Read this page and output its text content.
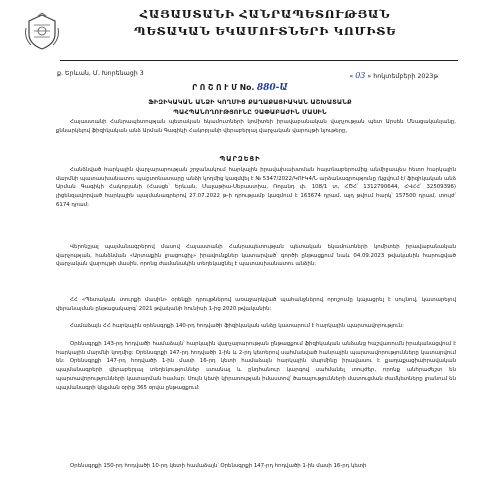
ՀԱՅԱՍՏԱՆԻ ՀԱՆՐԱՊԵՏՈՒԹՅԱՆ
ՊԵՏԱԿԱՆ ԵԿԱՄՈՒՏՆԵՐԻ ԿՈՄԻՏԵ
ք. Երևան, Մ. Խորենացի 3	« 03 » հոկտեմբերի 2023թ
Ր Ո Շ Ո Ւ Մ No. 880-Ա
ՖԻԶԻԿԱԿԱՆ ԱՆՁԻ ԿՈՂՄԻՑ ՔԱՂԱՔԱՑԻԱԿԱՆ ԱՇԽԱՏԱՆՔ
ՊԱՀՊԱՆՈՂՈՒԹՅՈՒՆԸ ՉԱՓԱԲԱԺԻՆ ՄԱՍԻՆ
Հայաստանի Հանրապետության պետական եկամուտների կոմիտեի իրավաբանական վարչության պետ Արսեն Մնացականյանը, քննարկելով ֆիզիկական անձ Արման Գագիկի Հակոբյանի վերաբերյալ վարչական վարույթի նյութերը,
ՊԱՐԶԵՑԻ
Հանձնված հարկային վարչարարության շրջանակում հարկային իրավախախտման հայտնաբերումից անմիջապես հետո հարկային մարմնի պատասխանատու պաշտոնատարը անձի կողմից կազմվել է № 5347/2022/ԿՈՒԿ4/Ն արձանագրությունը /կցվում է/ ֆիզիկական անձ Արման Գագիկի Հակոբյանի (Հասցե՝ Երևան, Մալաթիա-Սեբաստիա, Ռոլանդ փ. 108/1 տ, ՀԾՀ՝ 1312790644, ՀՎՀՀ՝ 32509396) լիցենզավորված հարկային պայմանագրերով 27.07.2022 թ-ի դրությամբ կազմում է 163674 դրամ, այդ թվում հարկ՝ 157500 դրամ, տույժ՝ 6174 դրամ:
Վերոնշյալ պայմանագրերով մասով Հայաստանի Հանրապետության պետական եկամուտների կոմիտեի իրավաբանական վարչության, հանձնման «Արտաքին լրացուցիչ» իրավունքներ կատարված՝ գործի ընթացքում նաև 04.09.2023 թվականին հարուցված վարչական վարույթի մասին, որոնց ժամանակին տեղեկացնել է պատասխանատու անձին:
ՀՀ «Պետական տուրքի մասին» օրենքի դրույթներով առաջարկված պահանջներով որոշումը կայացրել է սույնով, կատարելով վերանայման ընթացակարգ՝ 2021 թվականի հունիսի 1-ից 2020 թվականին:
Համաձայն ՀՀ հարկային օրենսգրքի 140-րդ հոդվածի ֆիզիկական անձը կատարում է հարկային պարտավորություն:
Օրենսգրքի 143-րդ հոդվածի համաձայն՝ հարկային վարչարարության ընթացքում ֆիզիկական անձանց հաշվառումն իրականացվում է հարկային մարմնի կողմից: Օրենսգրքի 147-րդ հոդվածի 1-ին և 2-րդ կետերով սահմանված հանրային պարտավորությունները կատարվում են: Օրենսգրքի 147-րդ հոդվածի 1-ին մասի 16-րդ կետի համաձայն հարկային մարմինը իրավասու է քաղաքացիաիրավական պայմանագրերի վերաբերյալ տեղեկություններ ստանալ և ընդհանուր կարգով սահմանել տույժեր, որոնք անհրաժեշտ են պարտավորությունների կատարման համար: Սույն կետի կիրառության իմաստով՝ ծառայությունների մատուցման ժամկետները լրանում են պայմանագրի կնքման օրից 365 օրվա ընթացքում:
Օրենսգրքի 150-րդ հոդվածի 10-րդ կետի համաձայն՝ Օրենսգրքի 147-րդ հոդվածի 1-ին մասի 16-րդ կետի
